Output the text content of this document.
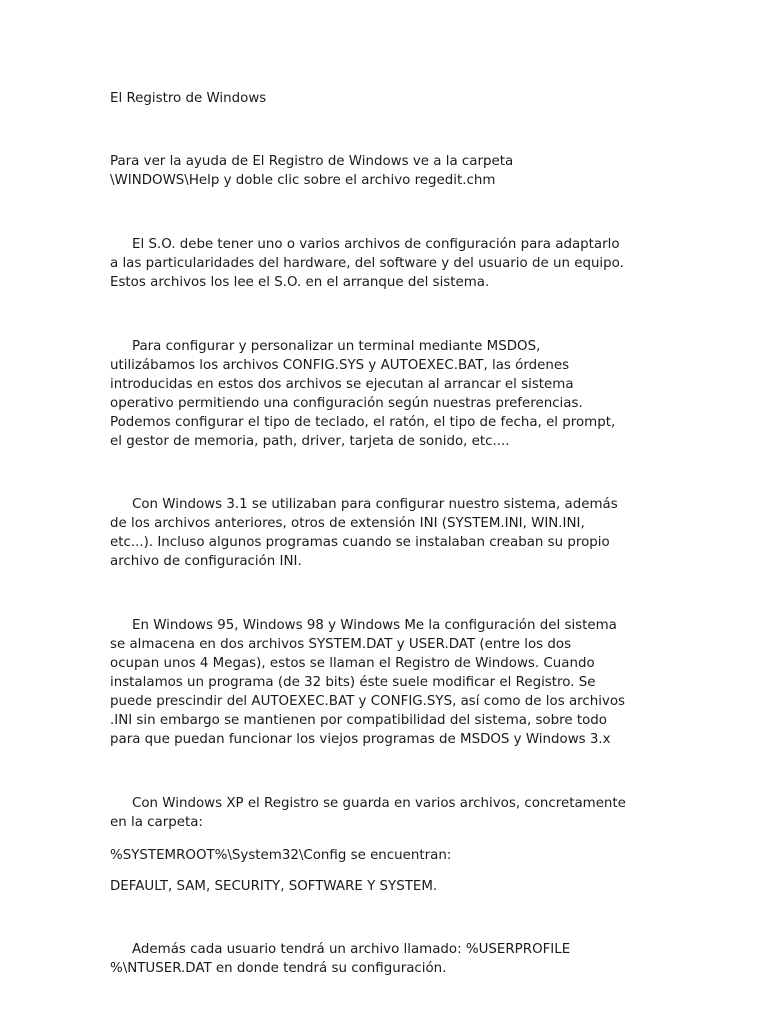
El Registro de Windows

Para ver la ayuda de El Registro de Windows ve a la carpeta
\WINDOWS\Help y doble clic sobre el archivo regedit.chm

El S.O. debe tener uno o varios archivos de configuración para adaptarlo
a las particularidades del hardware, del software y del usuario de un equipo.
Estos archivos los lee el S.O. en el arranque del sistema.

Para configurar y personalizar un terminal mediante MSDOS,
utilizábamos los archivos CONFIG.SYS y AUTOEXEC.BAT, las órdenes
introducidas en estos dos archivos se ejecutan al arrancar el sistema
operativo permitiendo una configuración según nuestras preferencias.
Podemos configurar el tipo de teclado, el ratón, el tipo de fecha, el prompt,
el gestor de memoria, path, driver, tarjeta de sonido, etc....

Con Windows 3.1 se utilizaban para configurar nuestro sistema, además
de los archivos anteriores, otros de extensión INI (SYSTEM.INI, WIN.INI,
etc...). Incluso algunos programas cuando se instalaban creaban su propio
archivo de configuración INI.

En Windows 95, Windows 98 y Windows Me la configuración del sistema
se almacena en dos archivos SYSTEM.DAT y USER.DAT (entre los dos
ocupan unos 4 Megas), estos se llaman el Registro de Windows. Cuando
instalamos un programa (de 32 bits) éste suele modificar el Registro. Se
puede prescindir del AUTOEXEC.BAT y CONFIG.SYS, así como de los archivos
.INI sin embargo se mantienen por compatibilidad del sistema, sobre todo
para que puedan funcionar los viejos programas de MSDOS y Windows 3.x

Con Windows XP el Registro se guarda en varios archivos, concretamente
en la carpeta:

%SYSTEMROOT%\System32\Config se encuentran:

DEFAULT, SAM, SECURITY, SOFTWARE Y SYSTEM.

Además cada usuario tendrá un archivo llamado: %USERPROFILE
%\NTUSER.DAT en donde tendrá su configuración.
